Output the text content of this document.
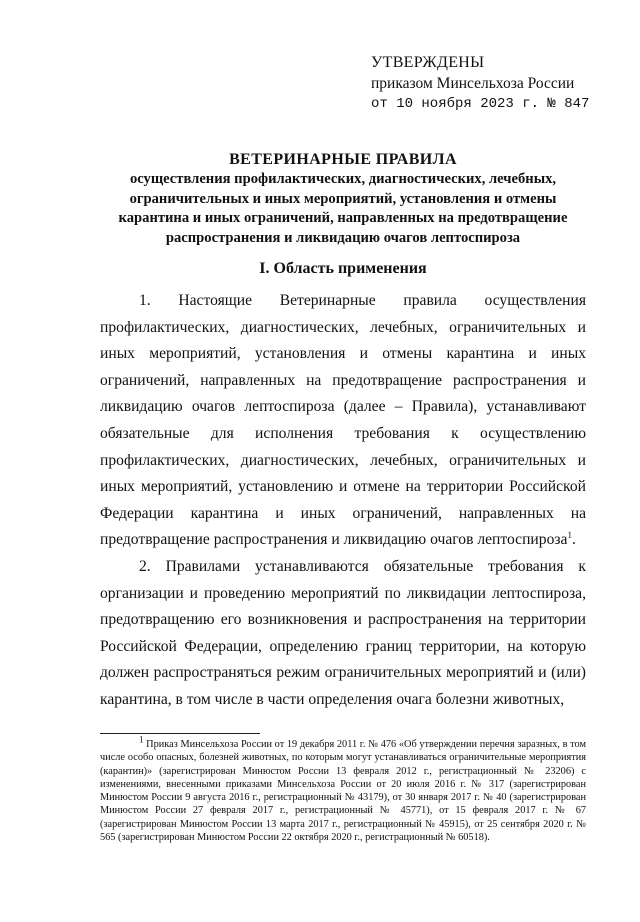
УТВЕРЖДЕНЫ
приказом Минсельхоза России
от 10 ноября 2023 г. № 847
ВЕТЕРИНАРНЫЕ ПРАВИЛА
осуществления профилактических, диагностических, лечебных, ограничительных и иных мероприятий, установления и отмены карантина и иных ограничений, направленных на предотвращение распространения и ликвидацию очагов лептоспироза
I. Область применения

1. Настоящие Ветеринарные правила осуществления профилактических, диагностических, лечебных, ограничительных и иных мероприятий, установления и отмены карантина и иных ограничений, направленных на предотвращение распространения и ликвидацию очагов лептоспироза (далее – Правила), устанавливают обязательные для исполнения требования к осуществлению профилактических, диагностических, лечебных, ограничительных и иных мероприятий, установлению и отмене на территории Российской Федерации карантина и иных ограничений, направленных на предотвращение распространения и ликвидацию очагов лептоспироза$^1$.

2. Правилами устанавливаются обязательные требования к организации и проведению мероприятий по ликвидации лептоспироза, предотвращению его возникновения и распространения на территории Российской Федерации, определению границ территории, на которую должен распространяться режим ограничительных мероприятий и (или) карантина, в том числе в части определения очага болезни животных,

$^1$ Приказ Минсельхоза России от 19 декабря 2011 г. № 476 «Об утверждении перечня заразных, в том числе особо опасных, болезней животных, по которым могут устанавливаться ограничительные мероприятия (карантин)» (зарегистрирован Минюстом России 13 февраля 2012 г., регистрационный № 23206) с изменениями, внесенными приказами Минсельхоза России от 20 июля 2016 г. № 317 (зарегистрирован Минюстом России 9 августа 2016 г., регистрационный № 43179), от 30 января 2017 г. № 40 (зарегистрирован Минюстом России 27 февраля 2017 г., регистрационный № 45771), от 15 февраля 2017 г. № 67 (зарегистрирован Минюстом России 13 марта 2017 г., регистрационный № 45915), от 25 сентября 2020 г. № 565 (зарегистрирован Минюстом России 22 октября 2020 г., регистрационный № 60518).
